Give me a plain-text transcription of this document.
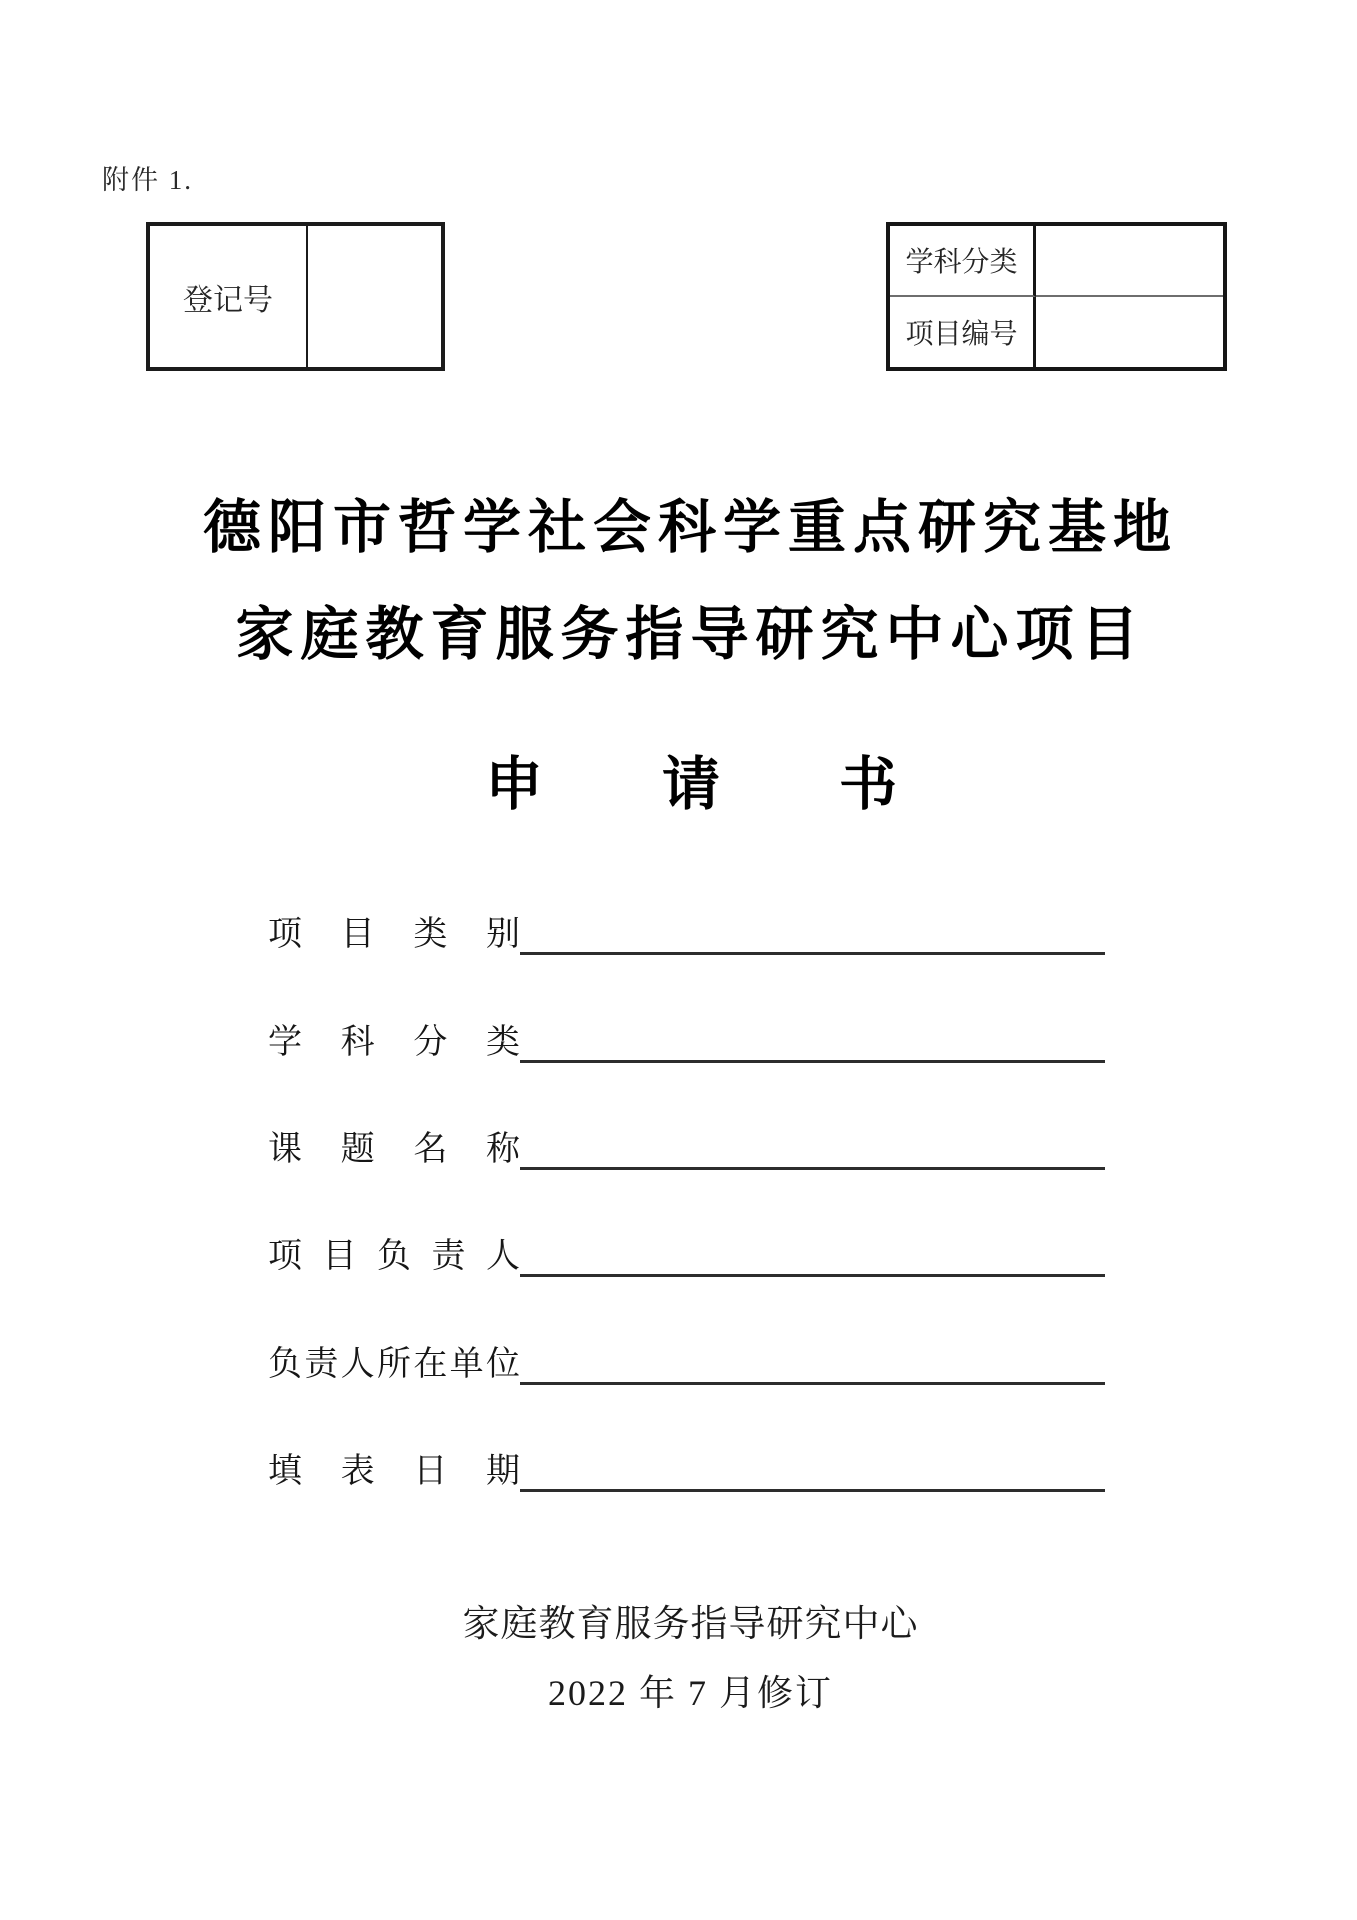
附件 1.
登记号
学科分类
项目编号
德阳市哲学社会科学重点研究基地
家庭教育服务指导研究中心项目
申 请 书
项 目 类 别
学 科 分 类
课 题 名 称
项 目 负 责 人
负 责 人 所 在 单 位
填 表 日 期
家庭教育服务指导研究中心
2022 年 7 月修订
